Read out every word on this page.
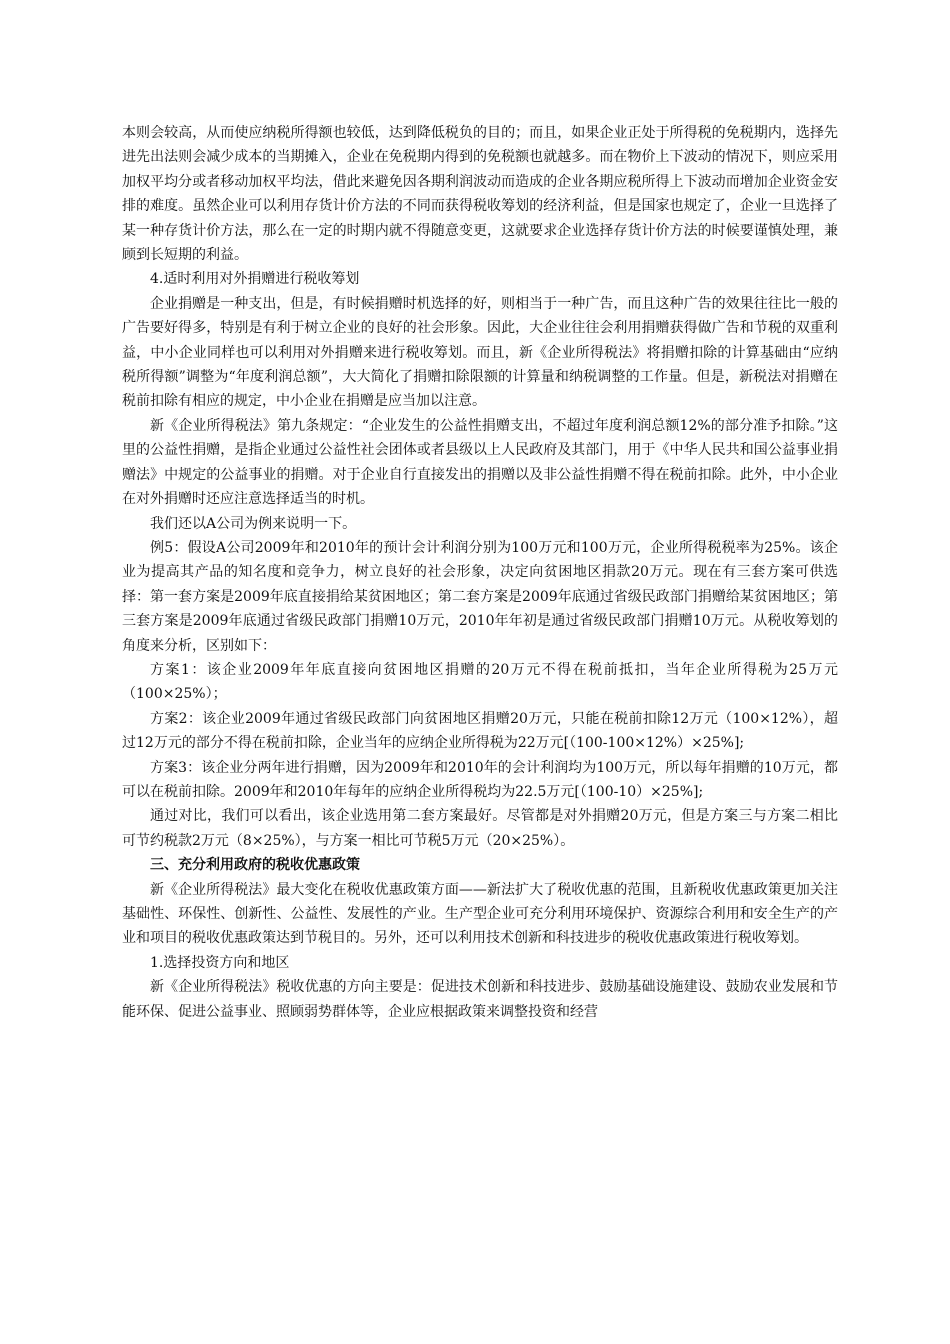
本则会较高，从而使应纳税所得额也较低，达到降低税负的目的；而且，如果企业正处于所得税的免税期内，选择先进先出法则会减少成本的当期摊入，企业在免税期内得到的免税额也就越多。而在物价上下波动的情况下，则应采用加权平均分或者移动加权平均法，借此来避免因各期利润波动而造成的企业各期应税所得上下波动而增加企业资金安排的难度。虽然企业可以利用存货计价方法的不同而获得税收筹划的经济利益，但是国家也规定了，企业一旦选择了某一种存货计价方法，那么在一定的时期内就不得随意变更，这就要求企业选择存货计价方法的时候要谨慎处理，兼顾到长短期的利益。

4.适时利用对外捐赠进行税收筹划

企业捐赠是一种支出，但是，有时候捐赠时机选择的好，则相当于一种广告，而且这种广告的效果往往比一般的广告要好得多，特别是有利于树立企业的良好的社会形象。因此，大企业往往会利用捐赠获得做广告和节税的双重利益，中小企业同样也可以利用对外捐赠来进行税收筹划。而且，新《企业所得税法》将捐赠扣除的计算基础由“应纳税所得额”调整为“年度利润总额”，大大简化了捐赠扣除限额的计算量和纳税调整的工作量。但是，新税法对捐赠在税前扣除有相应的规定，中小企业在捐赠是应当加以注意。

新《企业所得税法》第九条规定：“企业发生的公益性捐赠支出，不超过年度利润总额12%的部分准予扣除。”这里的公益性捐赠，是指企业通过公益性社会团体或者县级以上人民政府及其部门，用于《中华人民共和国公益事业捐赠法》中规定的公益事业的捐赠。对于企业自行直接发出的捐赠以及非公益性捐赠不得在税前扣除。此外，中小企业在对外捐赠时还应注意选择适当的时机。

我们还以A公司为例来说明一下。

例5：假设A公司2009年和2010年的预计会计利润分别为100万元和100万元，企业所得税税率为25%。该企业为提高其产品的知名度和竞争力，树立良好的社会形象，决定向贫困地区捐款20万元。现在有三套方案可供选择：第一套方案是2009年底直接捐给某贫困地区；第二套方案是2009年底通过省级民政部门捐赠给某贫困地区；第三套方案是2009年底通过省级民政部门捐赠10万元，2010年年初是通过省级民政部门捐赠10万元。从税收筹划的角度来分析，区别如下：

方案1：该企业2009年年底直接向贫困地区捐赠的20万元不得在税前抵扣，当年企业所得税为25万元（100×25%）；

方案2：该企业2009年通过省级民政部门向贫困地区捐赠20万元，只能在税前扣除12万元（100×12%），超过12万元的部分不得在税前扣除，企业当年的应纳企业所得税为22万元[（100-100×12%）×25%];

方案3：该企业分两年进行捐赠，因为2009年和2010年的会计利润均为100万元，所以每年捐赠的10万元，都可以在税前扣除。2009年和2010年每年的应纳企业所得税均为22.5万元[（100-10）×25%];

通过对比，我们可以看出，该企业选用第二套方案最好。尽管都是对外捐赠20万元，但是方案三与方案二相比可节约税款2万元（8×25%），与方案一相比可节税5万元（20×25%）。

三、充分利用政府的税收优惠政策

新《企业所得税法》最大变化在税收优惠政策方面——新法扩大了税收优惠的范围，且新税收优惠政策更加关注基础性、环保性、创新性、公益性、发展性的产业。生产型企业可充分利用环境保护、资源综合利用和安全生产的产业和项目的税收优惠政策达到节税目的。另外，还可以利用技术创新和科技进步的税收优惠政策进行税收筹划。

1.选择投资方向和地区

新《企业所得税法》税收优惠的方向主要是：促进技术创新和科技进步、鼓励基础设施建设、鼓励农业发展和节能环保、促进公益事业、照顾弱势群体等，企业应根据政策来调整投资和经营
